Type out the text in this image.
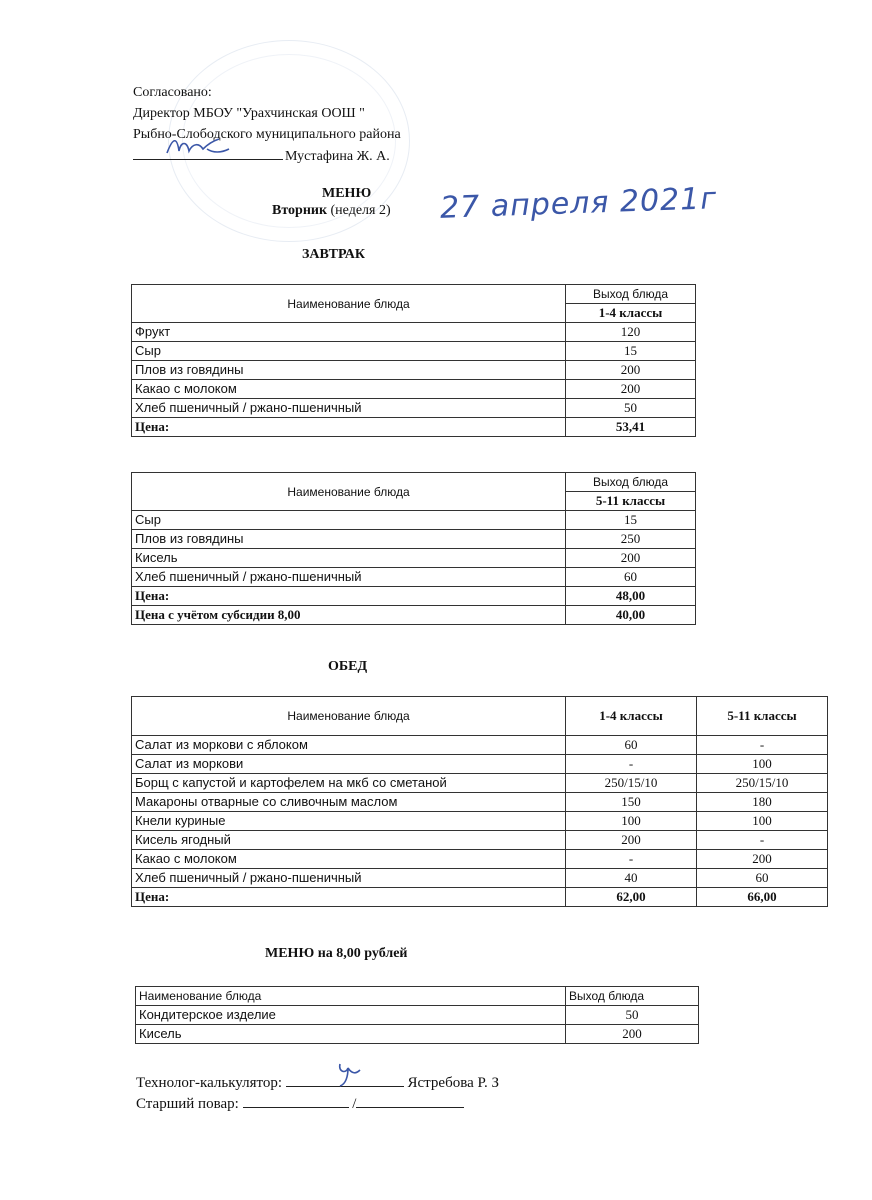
Согласовано:
Директор МБОУ "Урахчинская ООШ "
Рыбно-Слободского муниципального района
Мустафина Ж. А.
МЕНЮ
Вторник (неделя 2) 27 апреля 2021г
ЗАВТРАК
Наименование блюда	Выход блюда
	1-4 классы
Фрукт	120
Сыр	15
Плов из говядины	200
Какао с молоком	200
Хлеб пшеничный / ржано-пшеничный	50
Цена:	53,41
Наименование блюда	Выход блюда
	5-11 классы
Сыр	15
Плов из говядины	250
Кисель	200
Хлеб пшеничный / ржано-пшеничный	60
Цена:	48,00
Цена с учётом субсидии 8,00	40,00
ОБЕД
Наименование блюда	1-4 классы	5-11 классы
Салат из моркови с яблоком	60	-
Салат из моркови	-	100
Борщ с капустой и картофелем на мкб со сметаной	250/15/10	250/15/10
Макароны отварные со сливочным маслом	150	180
Кнели куриные	100	100
Кисель ягодный	200	-
Какао с молоком	-	200
Хлеб пшеничный / ржано-пшеничный	40	60
Цена:	62,00	66,00
МЕНЮ на 8,00 рублей
Наименование блюда	Выход блюда
Кондитерское изделие	50
Кисель	200
Технолог-калькулятор:	Ястребова Р. З
Старший повар:	/
